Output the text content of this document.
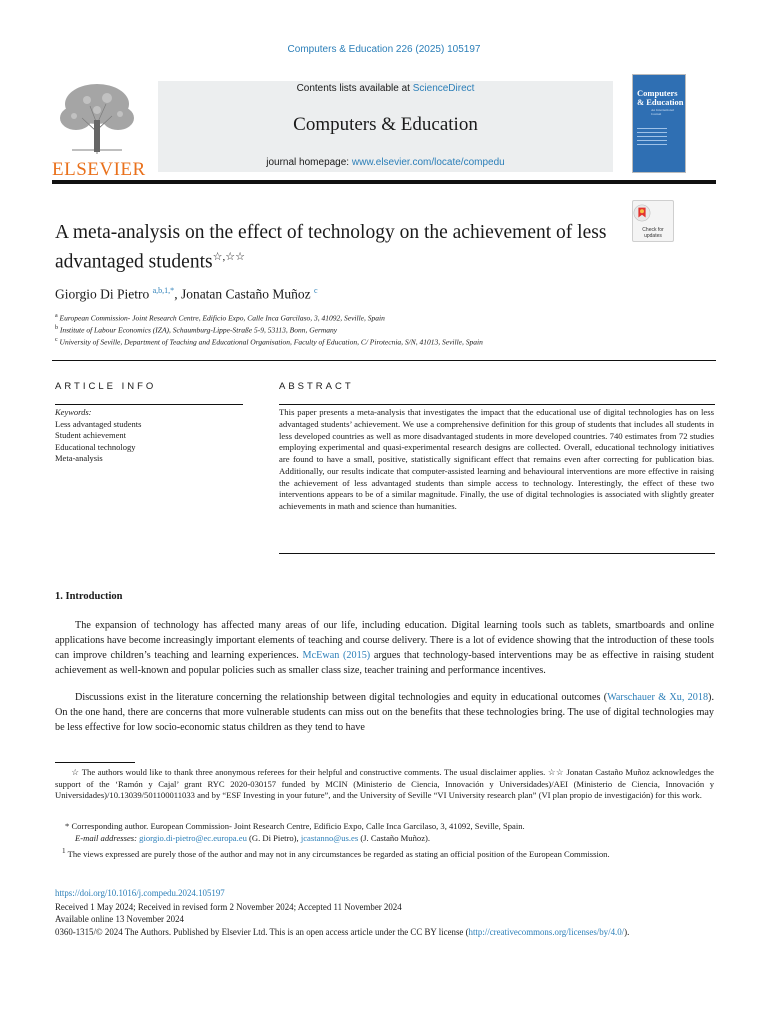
Computers & Education 226 (2025) 105197
ELSEVIER
Contents lists available at ScienceDirect
Computers & Education
journal homepage: www.elsevier.com/locate/compedu
Computers & Education
An International Journal
A meta-analysis on the effect of technology on the achievement of less advantaged students☆,☆☆
Check for updates
Giorgio Di Pietro $^{a,b,1,*}$, Jonatan Castaño Muñoz $^c$
$^a$ European Commission- Joint Research Centre, Edificio Expo, Calle Inca Garcilaso, 3, 41092, Seville, Spain
$^b$ Institute of Labour Economics (IZA), Schaumburg-Lippe-Straße 5-9, 53113, Bonn, Germany
$^c$ University of Seville, Department of Teaching and Educational Organisation, Faculty of Education, C/ Pirotecnia, S/N, 41013, Seville, Spain
ARTICLE INFO
Keywords:
Less advantaged students
Student achievement
Educational technology
Meta-analysis
ABSTRACT
This paper presents a meta-analysis that investigates the impact that the educational use of digital technologies has on less advantaged students’ achievement. We use a comprehensive definition for this group of students that includes all students in less developed countries as well as more disadvantaged students in more developed countries. 740 estimates from 72 studies employing experimental and quasi-experimental research designs are collected. Overall, educational technology initiatives are found to have a small, positive, statistically significant effect that remains even after correcting for publication bias. Additionally, our results indicate that computer-assisted learning and behavioural interventions are more effective in raising the achievement of less advantaged students than simple access to technology. Interestingly, the effect of these two interventions appears to be of a similar magnitude. Finally, the use of digital technologies is associated with slightly greater achievements in math and science than humanities.
1. Introduction
The expansion of technology has affected many areas of our life, including education. Digital learning tools such as tablets, smartboards and online applications have become increasingly important elements of teaching and course delivery. There is a lot of evidence showing that the introduction of these tools can improve children’s teaching and learning experiences. McEwan (2015) argues that technology-based interventions may be as effective in raising student achievement as well-known and popular policies such as smaller class size, teacher training and performance incentives.
Discussions exist in the literature concerning the relationship between digital technologies and equity in educational outcomes (Warschauer & Xu, 2018). On the one hand, there are concerns that more vulnerable students can miss out on the benefits that these technologies bring. The use of digital technologies may be less effective for low socio-economic status children as they tend to have
☆ The authors would like to thank three anonymous referees for their helpful and constructive comments. The usual disclaimer applies. ☆☆ Jonatan Castaño Muñoz acknowledges the support of the ‘Ramón y Cajal’ grant RYC 2020-030157 funded by MCIN (Ministerio de Ciencia, Innovación y Universidades)/AEI (Ministerio de Ciencia, Innovación y Universidades)/10.13039/501100011033 and by “ESF Investing in your future”, and the University of Seville “VI University research plan” (VI plan propio de investigación) for this work.
* Corresponding author. European Commission- Joint Research Centre, Edificio Expo, Calle Inca Garcilaso, 3, 41092, Seville, Spain.
E-mail addresses: giorgio.di-pietro@ec.europa.eu (G. Di Pietro), jcastanno@us.es (J. Castaño Muñoz).
$^1$ The views expressed are purely those of the author and may not in any circumstances be regarded as stating an official position of the European Commission.
https://doi.org/10.1016/j.compedu.2024.105197
Received 1 May 2024; Received in revised form 2 November 2024; Accepted 11 November 2024
Available online 13 November 2024
0360-1315/© 2024 The Authors. Published by Elsevier Ltd. This is an open access article under the CC BY license (http://creativecommons.org/licenses/by/4.0/).
